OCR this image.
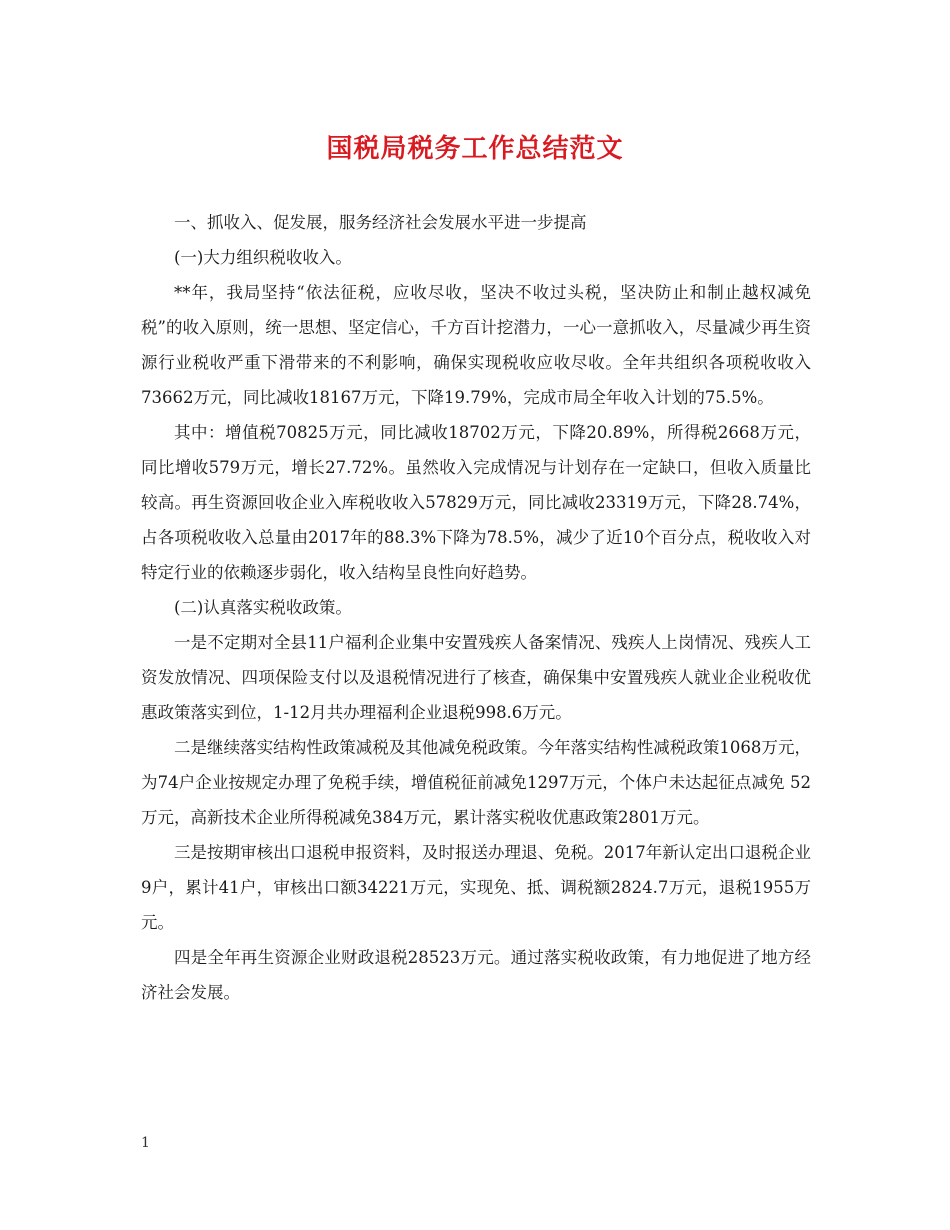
国税局税务工作总结范文

一、抓收入、促发展，服务经济社会发展水平进一步提高

(一)大力组织税收收入。

**年，我局坚持“依法征税，应收尽收，坚决不收过头税，坚决防止和制止越权减免税”的收入原则，统一思想、坚定信心，千方百计挖潜力，一心一意抓收入，尽量减少再生资源行业税收严重下滑带来的不利影响，确保实现税收应收尽收。全年共组织各项税收收入73662万元，同比减收18167万元，下降19.79%，完成市局全年收入计划的75.5%。

其中：增值税70825万元，同比减收18702万元，下降20.89%，所得税2668万元，同比增收579万元，增长27.72%。虽然收入完成情况与计划存在一定缺口，但收入质量比较高。再生资源回收企业入库税收收入57829万元，同比减收23319万元，下降28.74%，占各项税收收入总量由2017年的88.3%下降为78.5%，减少了近10个百分点，税收收入对特定行业的依赖逐步弱化，收入结构呈良性向好趋势。

(二)认真落实税收政策。

一是不定期对全县11户福利企业集中安置残疾人备案情况、残疾人上岗情况、残疾人工资发放情况、四项保险支付以及退税情况进行了核查，确保集中安置残疾人就业企业税收优惠政策落实到位，1-12月共办理福利企业退税998.6万元。

二是继续落实结构性政策减税及其他减免税政策。今年落实结构性减税政策1068万元，为74户企业按规定办理了免税手续，增值税征前减免1297万元，个体户未达起征点减免 52万元，高新技术企业所得税减免384万元，累计落实税收优惠政策2801万元。

三是按期审核出口退税申报资料，及时报送办理退、免税。2017年新认定出口退税企业9户，累计41户，审核出口额34221万元，实现免、抵、调税额2824.7万元，退税1955万元。

四是全年再生资源企业财政退税28523万元。通过落实税收政策，有力地促进了地方经济社会发展。

1
